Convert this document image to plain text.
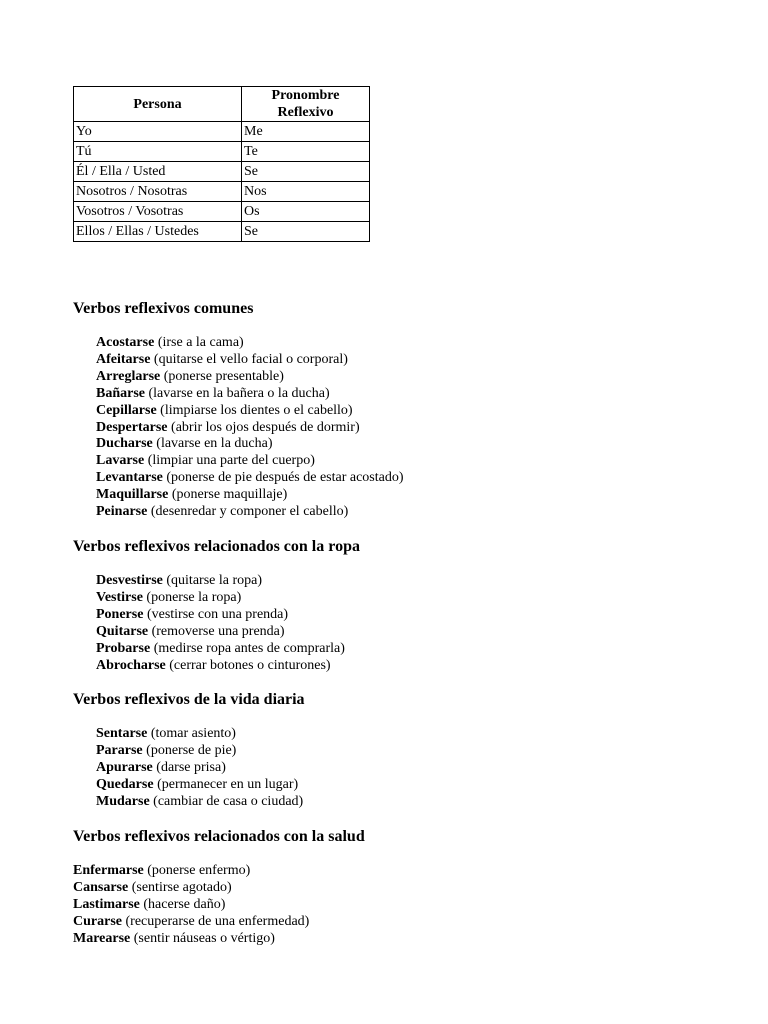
Persona	Pronombre Reflexivo
Yo	Me
Tú	Te
Él / Ella / Usted	Se
Nosotros / Nosotras	Nos
Vosotros / Vosotras	Os
Ellos / Ellas / Ustedes	Se
Verbos reflexivos comunes
Acostarse (irse a la cama)
Afeitarse (quitarse el vello facial o corporal)
Arreglarse (ponerse presentable)
Bañarse (lavarse en la bañera o la ducha)
Cepillarse (limpiarse los dientes o el cabello)
Despertarse (abrir los ojos después de dormir)
Ducharse (lavarse en la ducha)
Lavarse (limpiar una parte del cuerpo)
Levantarse (ponerse de pie después de estar acostado)
Maquillarse (ponerse maquillaje)
Peinarse (desenredar y componer el cabello)
Verbos reflexivos relacionados con la ropa
Desvestirse (quitarse la ropa)
Vestirse (ponerse la ropa)
Ponerse (vestirse con una prenda)
Quitarse (removerse una prenda)
Probarse (medirse ropa antes de comprarla)
Abrocharse (cerrar botones o cinturones)
Verbos reflexivos de la vida diaria
Sentarse (tomar asiento)
Pararse (ponerse de pie)
Apurarse (darse prisa)
Quedarse (permanecer en un lugar)
Mudarse (cambiar de casa o ciudad)
Verbos reflexivos relacionados con la salud
Enfermarse (ponerse enfermo)
Cansarse (sentirse agotado)
Lastimarse (hacerse daño)
Curarse (recuperarse de una enfermedad)
Marearse (sentir náuseas o vértigo)
